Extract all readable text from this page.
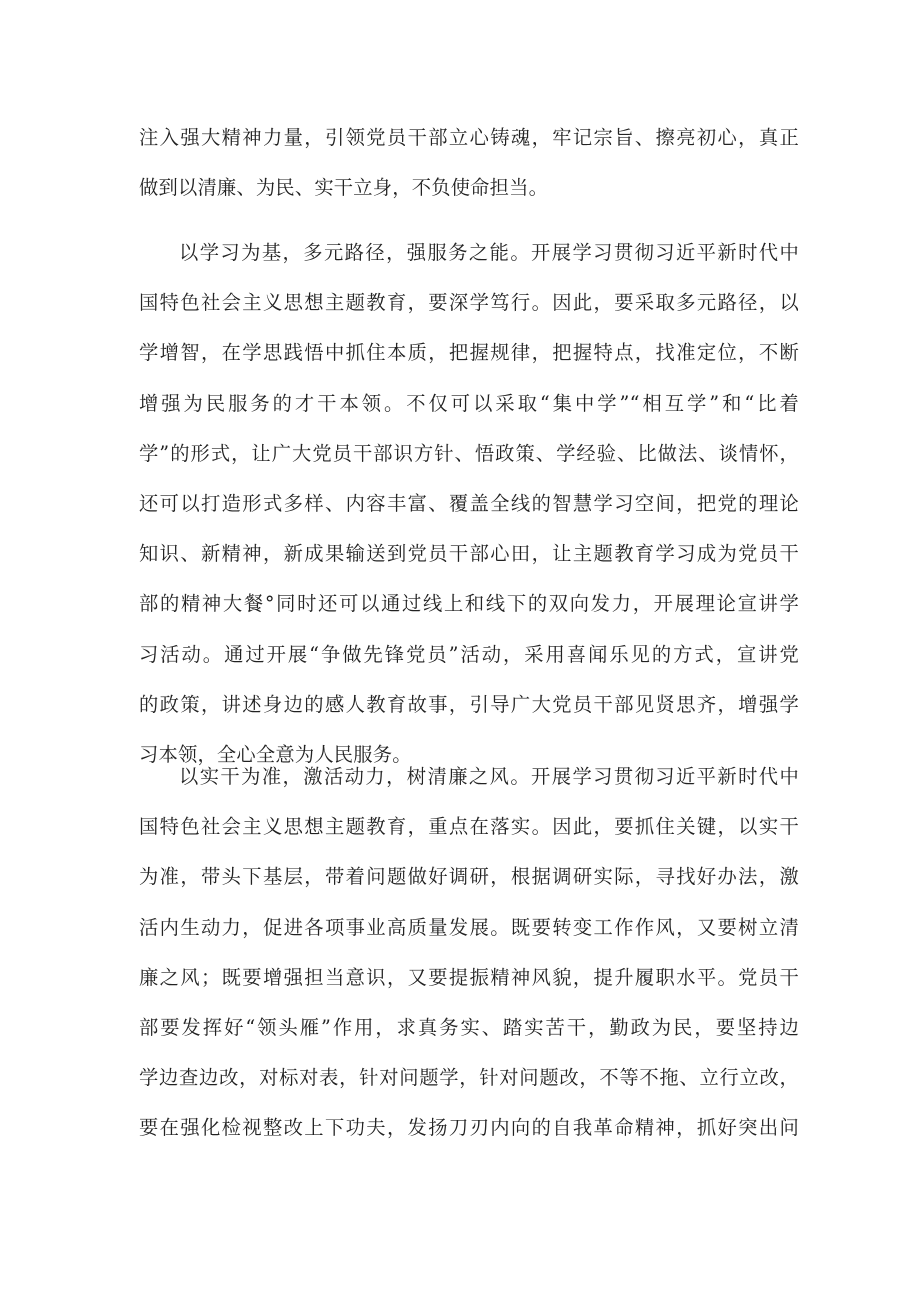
注入强大精神力量，引领党员干部立心铸魂，牢记宗旨、擦亮初心，真正
做到以清廉、为民、实干立身，不负使命担当。
以学习为基，多元路径，强服务之能。开展学习贯彻习近平新时代中
国特色社会主义思想主题教育，要深学笃行。因此，要采取多元路径，以
学增智，在学思践悟中抓住本质，把握规律，把握特点，找准定位，不断
增强为民服务的才干本领。不仅可以采取“集中学”“相互学”和“比着
学”的形式，让广大党员干部识方针、悟政策、学经验、比做法、谈情怀，
还可以打造形式多样、内容丰富、覆盖全线的智慧学习空间，把党的理论
知识、新精神，新成果输送到党员干部心田，让主题教育学习成为党员干
部的精神大餐°同时还可以通过线上和线下的双向发力，开展理论宣讲学
习活动。通过开展“争做先锋党员”活动，采用喜闻乐见的方式，宣讲党
的政策，讲述身边的感人教育故事，引导广大党员干部见贤思齐，增强学
习本领，全心全意为人民服务。
以实干为准，激活动力，树清廉之风。开展学习贯彻习近平新时代中
国特色社会主义思想主题教育，重点在落实。因此，要抓住关键，以实干
为准，带头下基层，带着问题做好调研，根据调研实际，寻找好办法，激
活内生动力，促进各项事业高质量发展。既要转变工作作风，又要树立清
廉之风；既要增强担当意识，又要提振精神风貌，提升履职水平。党员干
部要发挥好“领头雁”作用，求真务实、踏实苦干，勤政为民，要坚持边
学边查边改，对标对表，针对问题学，针对问题改，不等不拖、立行立改，
要在强化检视整改上下功夫，发扬刀刃内向的自我革命精神，抓好突出问
